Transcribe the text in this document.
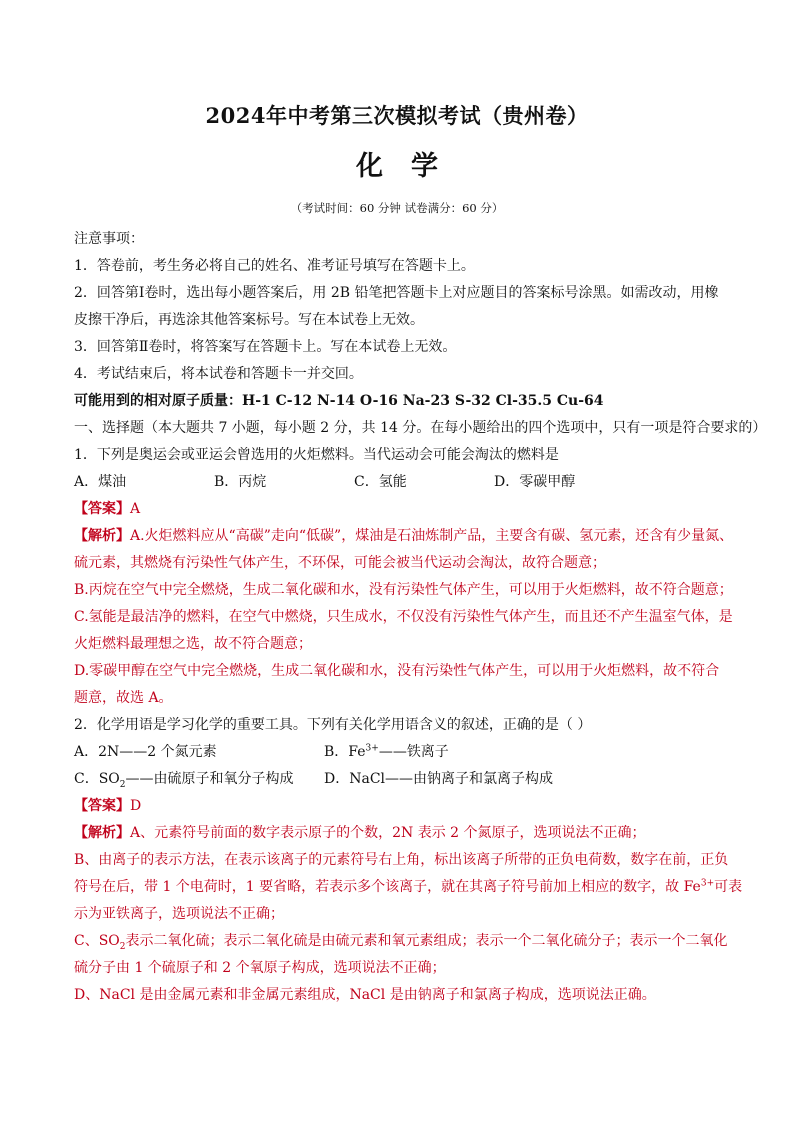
2024年中考第三次模拟考试（贵州卷）
化学
（考试时间：60 分钟 试卷满分：60 分）
注意事项：
1．答卷前，考生务必将自己的姓名、准考证号填写在答题卡上。
2．回答第Ⅰ卷时，选出每小题答案后，用 2B 铅笔把答题卡上对应题目的答案标号涂黑。如需改动，用橡
皮擦干净后，再选涂其他答案标号。写在本试卷上无效。
3．回答第Ⅱ卷时，将答案写在答题卡上。写在本试卷上无效。
4．考试结束后，将本试卷和答题卡一并交回。
可能用到的相对原子质量：H-1 C-12 N-14 O-16 Na-23 S-32 Cl-35.5 Cu-64
一、选择题（本大题共 7 小题，每小题 2 分，共 14 分。在每小题给出的四个选项中，只有一项是符合要求的）
1．下列是奥运会或亚运会曾选用的火炬燃料。当代运动会可能会淘汰的燃料是
A．煤油	B．丙烷	C．氢能	D．零碳甲醇
【答案】A
【解析】A.火炬燃料应从“高碳”走向“低碳”，煤油是石油炼制产品，主要含有碳、氢元素，还含有少量氮、
硫元素，其燃烧有污染性气体产生，不环保，可能会被当代运动会淘汰，故符合题意；
B.丙烷在空气中完全燃烧，生成二氧化碳和水，没有污染性气体产生，可以用于火炬燃料，故不符合题意；
C.氢能是最洁净的燃料，在空气中燃烧，只生成水，不仅没有污染性气体产生，而且还不产生温室气体，是
火炬燃料最理想之选，故不符合题意；
D.零碳甲醇在空气中完全燃烧，生成二氧化碳和水，没有污染性气体产生，可以用于火炬燃料，故不符合
题意，故选 A。
2．化学用语是学习化学的重要工具。下列有关化学用语含义的叙述，正确的是（ ）
A．2N——2 个氮元素	B．$Fe^{3+}——$铁离子
C．$SO_2——$由硫原子和氧分子构成	D．NaCl——由钠离子和氯离子构成
【答案】D
【解析】A、元素符号前面的数字表示原子的个数，2N 表示 2 个氮原子，选项说法不正确；
B、由离子的表示方法，在表示该离子的元素符号右上角，标出该离子所带的正负电荷数，数字在前，正负
符号在后，带 1 个电荷时，1 要省略，若表示多个该离子，就在其离子符号前加上相应的数字，故 $Fe^{3+}$可表
示为亚铁离子，选项说法不正确；
C、$SO_2$表示二氧化硫；表示二氧化硫是由硫元素和氧元素组成；表示一个二氧化硫分子；表示一个二氧化
硫分子由 1 个硫原子和 2 个氧原子构成，选项说法不正确；
D、NaCl 是由金属元素和非金属元素组成，NaCl 是由钠离子和氯离子构成，选项说法正确。
